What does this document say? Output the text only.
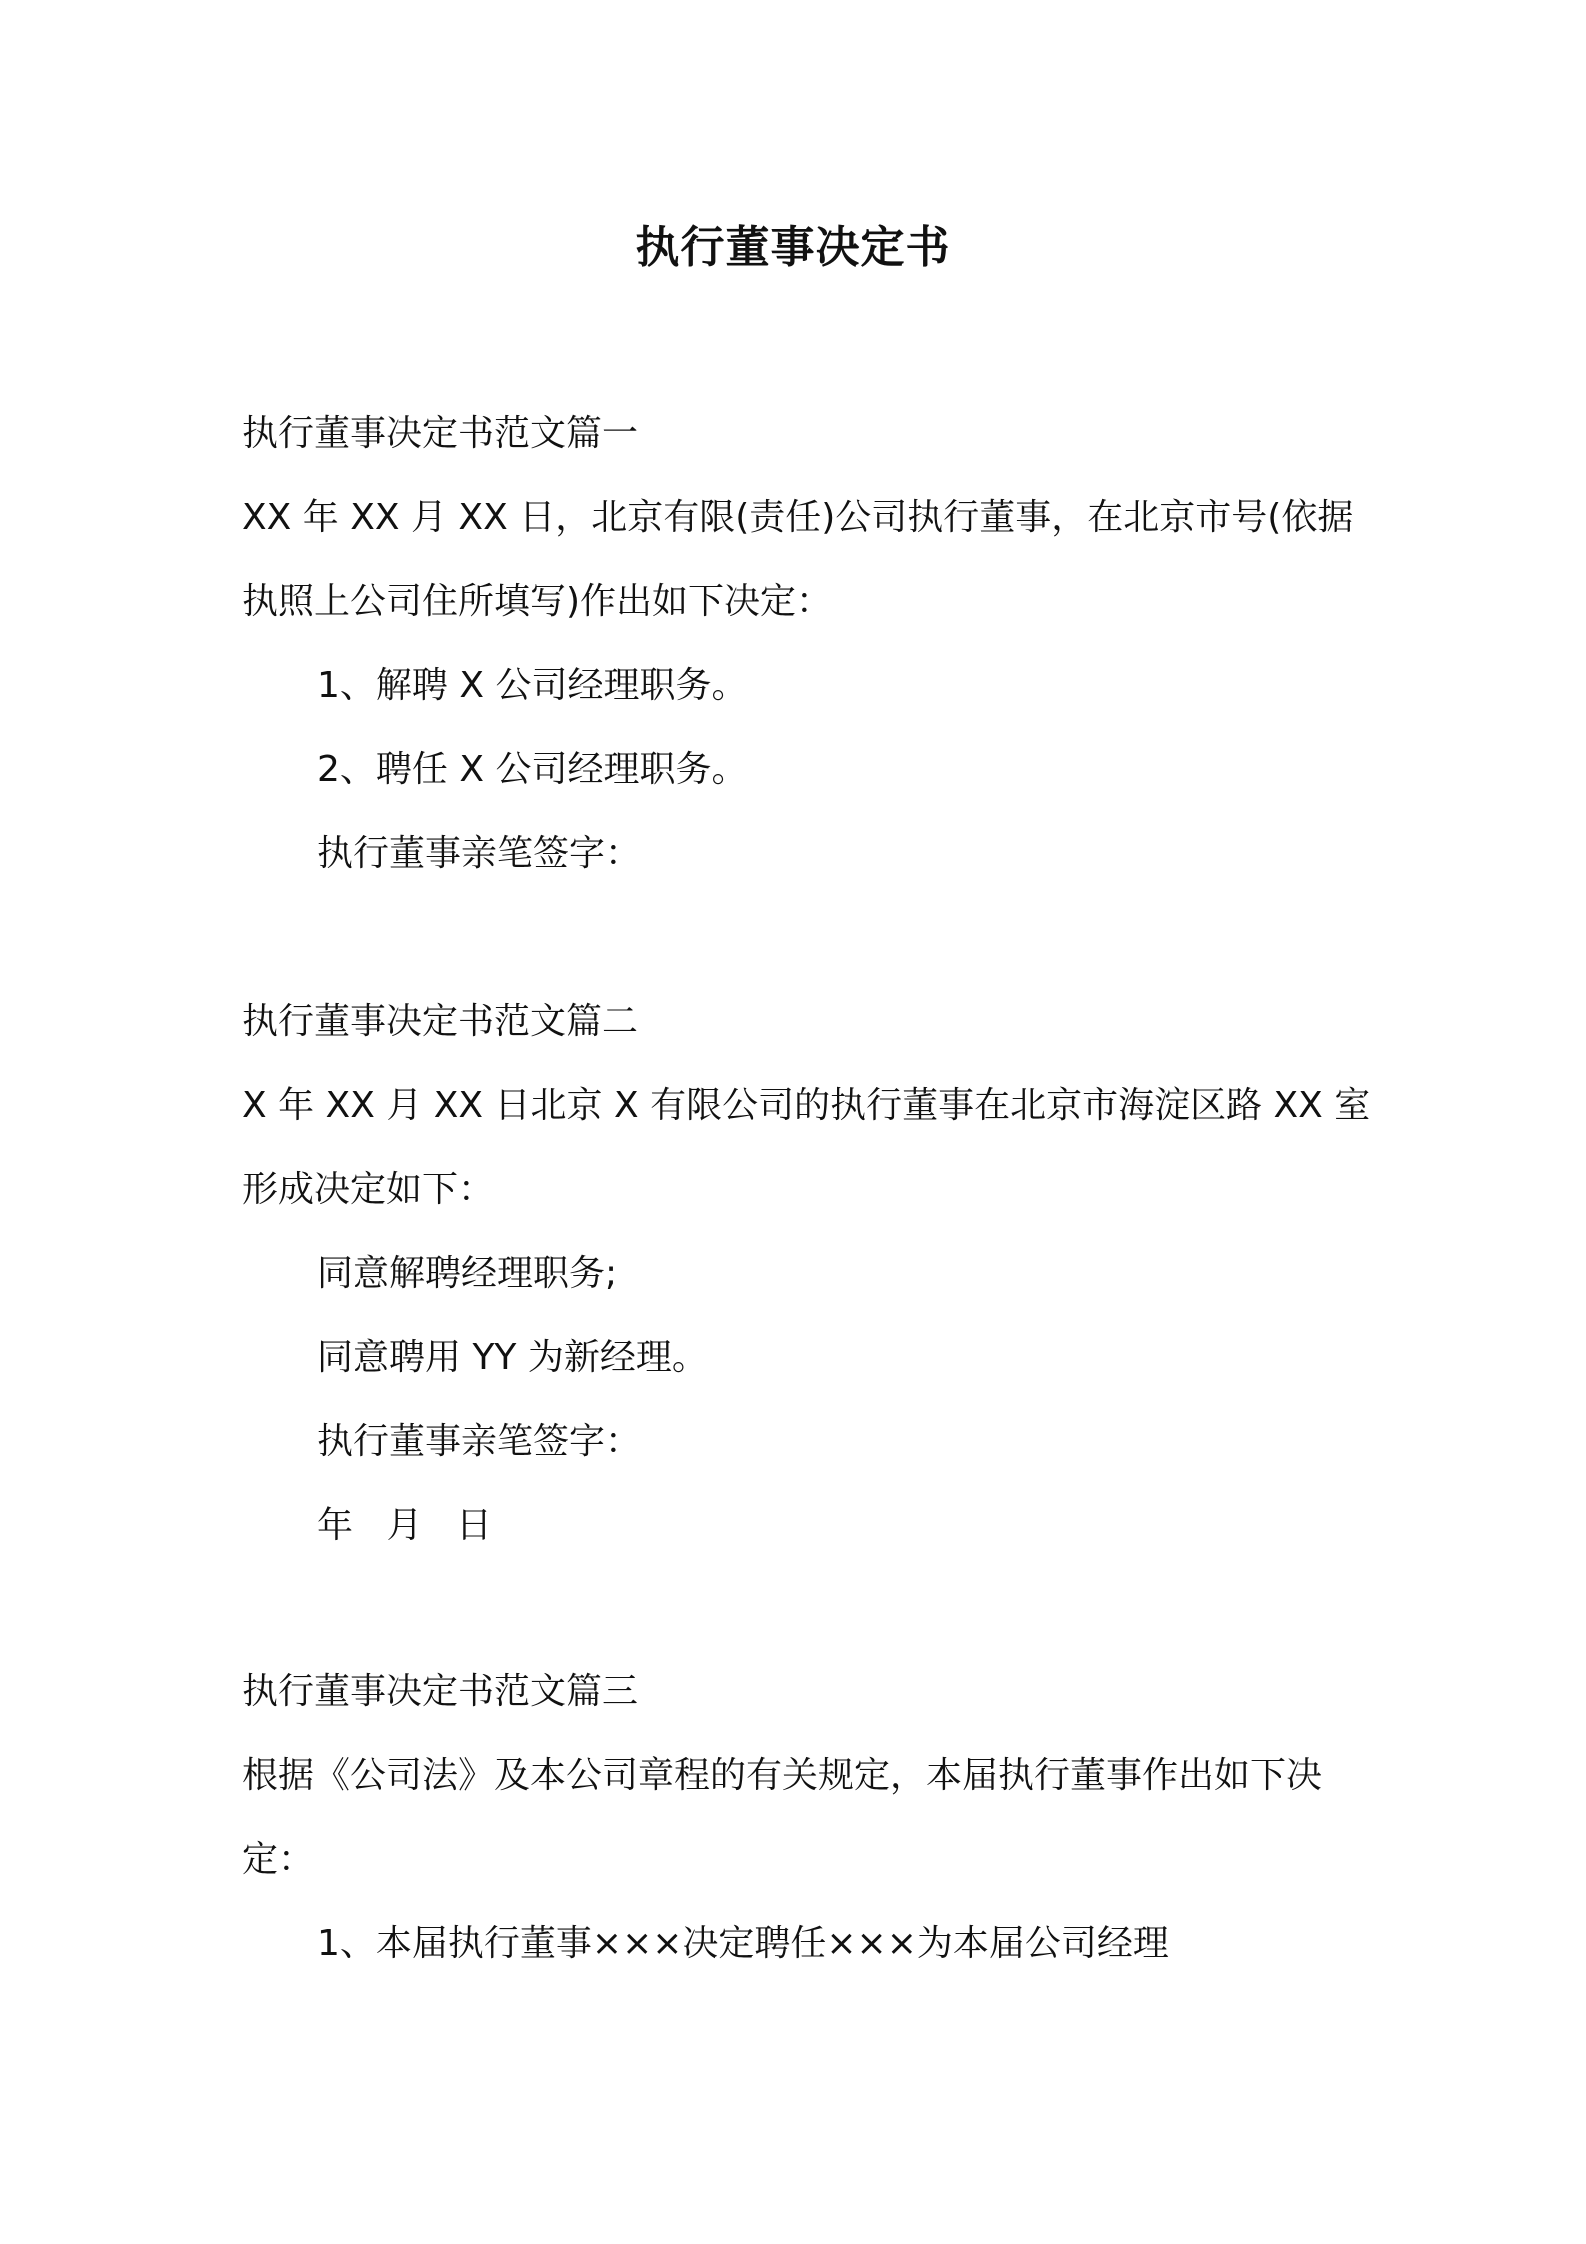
执行董事决定书
执行董事决定书范文篇一
XX 年 XX 月 XX 日，北京有限(责任)公司执行董事，在北京市号(依据
执照上公司住所填写)作出如下决定：
1、解聘 X 公司经理职务。
2、聘任 X 公司经理职务。
执行董事亲笔签字：
执行董事决定书范文篇二
X 年 XX 月 XX 日北京 X 有限公司的执行董事在北京市海淀区路 XX 室
形成决定如下：
同意解聘经理职务;
同意聘用 YY 为新经理。
执行董事亲笔签字：
年 月 日
执行董事决定书范文篇三
根据《公司法》及本公司章程的有关规定，本届执行董事作出如下决
定：
1、本届执行董事×××决定聘任×××为本届公司经理
